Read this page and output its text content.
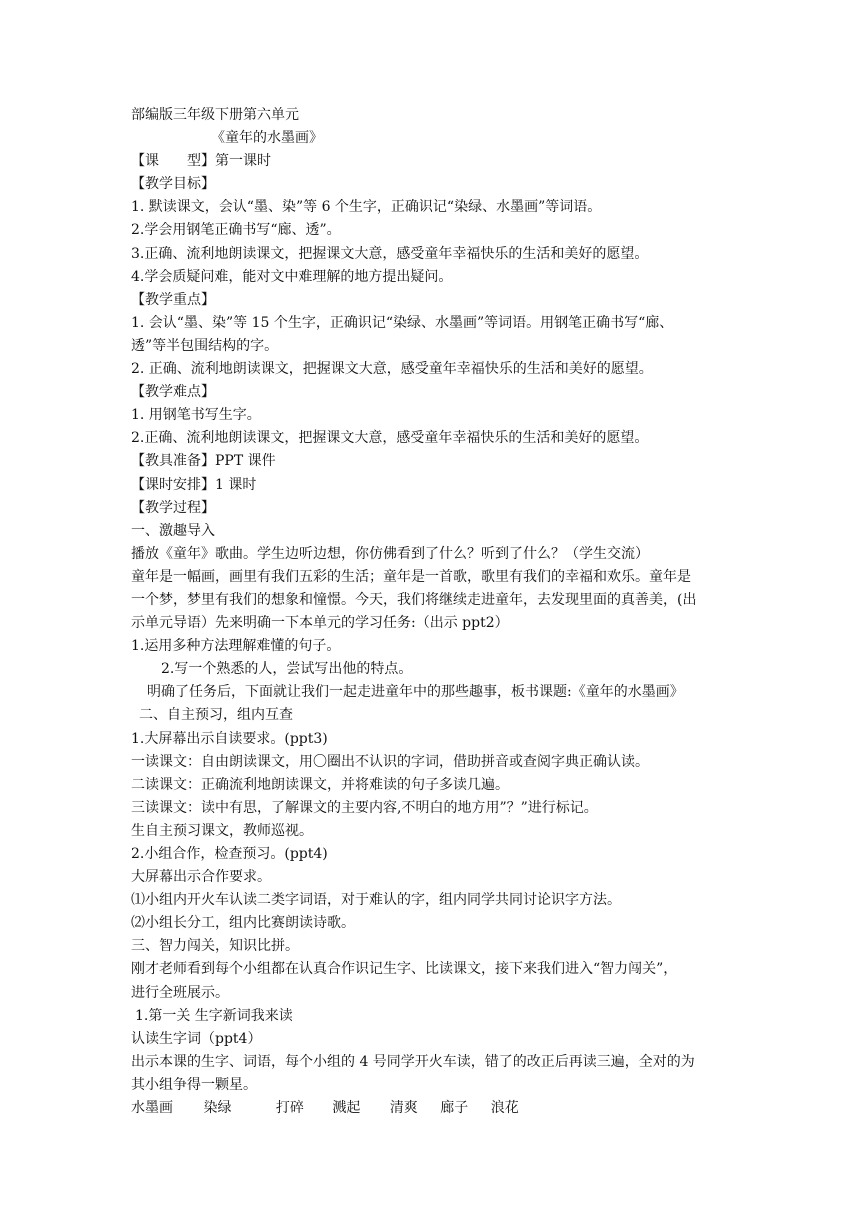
部编版三年级下册第六单元
《童年的水墨画》
【课　　型】第一课时
【教学目标】
1. 默读课文，会认“墨、染”等 6 个生字，正确识记“染绿、水墨画”等词语。
2.学会用钢笔正确书写“廊、透”。
3.正确、流利地朗读课文，把握课文大意，感受童年幸福快乐的生活和美好的愿望。
4.学会质疑问难，能对文中难理解的地方提出疑问。
【教学重点】
1. 会认“墨、染”等 15 个生字，正确识记“染绿、水墨画”等词语。用钢笔正确书写“廊、
透”等半包围结构的字。
2. 正确、流利地朗读课文，把握课文大意，感受童年幸福快乐的生活和美好的愿望。
【教学难点】
1. 用钢笔书写生字。
2.正确、流利地朗读课文，把握课文大意，感受童年幸福快乐的生活和美好的愿望。
【教具准备】PPT 课件
【课时安排】1 课时
【教学过程】
一、激趣导入
播放《童年》歌曲。学生边听边想，你仿佛看到了什么？听到了什么？（学生交流）
童年是一幅画，画里有我们五彩的生活；童年是一首歌，歌里有我们的幸福和欢乐。童年是
一个梦，梦里有我们的想象和憧憬。今天，我们将继续走进童年，去发现里面的真善美，(出
示单元导语）先来明确一下本单元的学习任务:（出示 ppt2）
1.运用多种方法理解难懂的句子。
2.写一个熟悉的人，尝试写出他的特点。
明确了任务后，下面就让我们一起走进童年中的那些趣事，板书课题:《童年的水墨画》
二、自主预习，组内互查
1.大屏幕出示自读要求。(ppt3)
一读课文：自由朗读课文，用〇圈出不认识的字词，借助拼音或查阅字典正确认读。
二读课文：正确流利地朗读课文，并将难读的句子多读几遍。
三读课文：读中有思，了解课文的主要内容,不明白的地方用”？”进行标记。
生自主预习课文，教师巡视。
2.小组合作，检查预习。(ppt4)
大屏幕出示合作要求。
⑴小组内开火车认读二类字词语，对于难认的字，组内同学共同讨论识字方法。
⑵小组长分工，组内比赛朗读诗歌。
三、智力闯关，知识比拼。
刚才老师看到每个小组都在认真合作识记生字、比读课文，接下来我们进入“智力闯关”，
进行全班展示。
1.第一关 生字新词我来读
认读生字词（ppt4）
出示本课的生字、词语，每个小组的 4 号同学开火车读，错了的改正后再读三遍，全对的为
其小组争得一颗星。
水墨画 染绿	打碎 溅起 清爽 廊子 浪花
